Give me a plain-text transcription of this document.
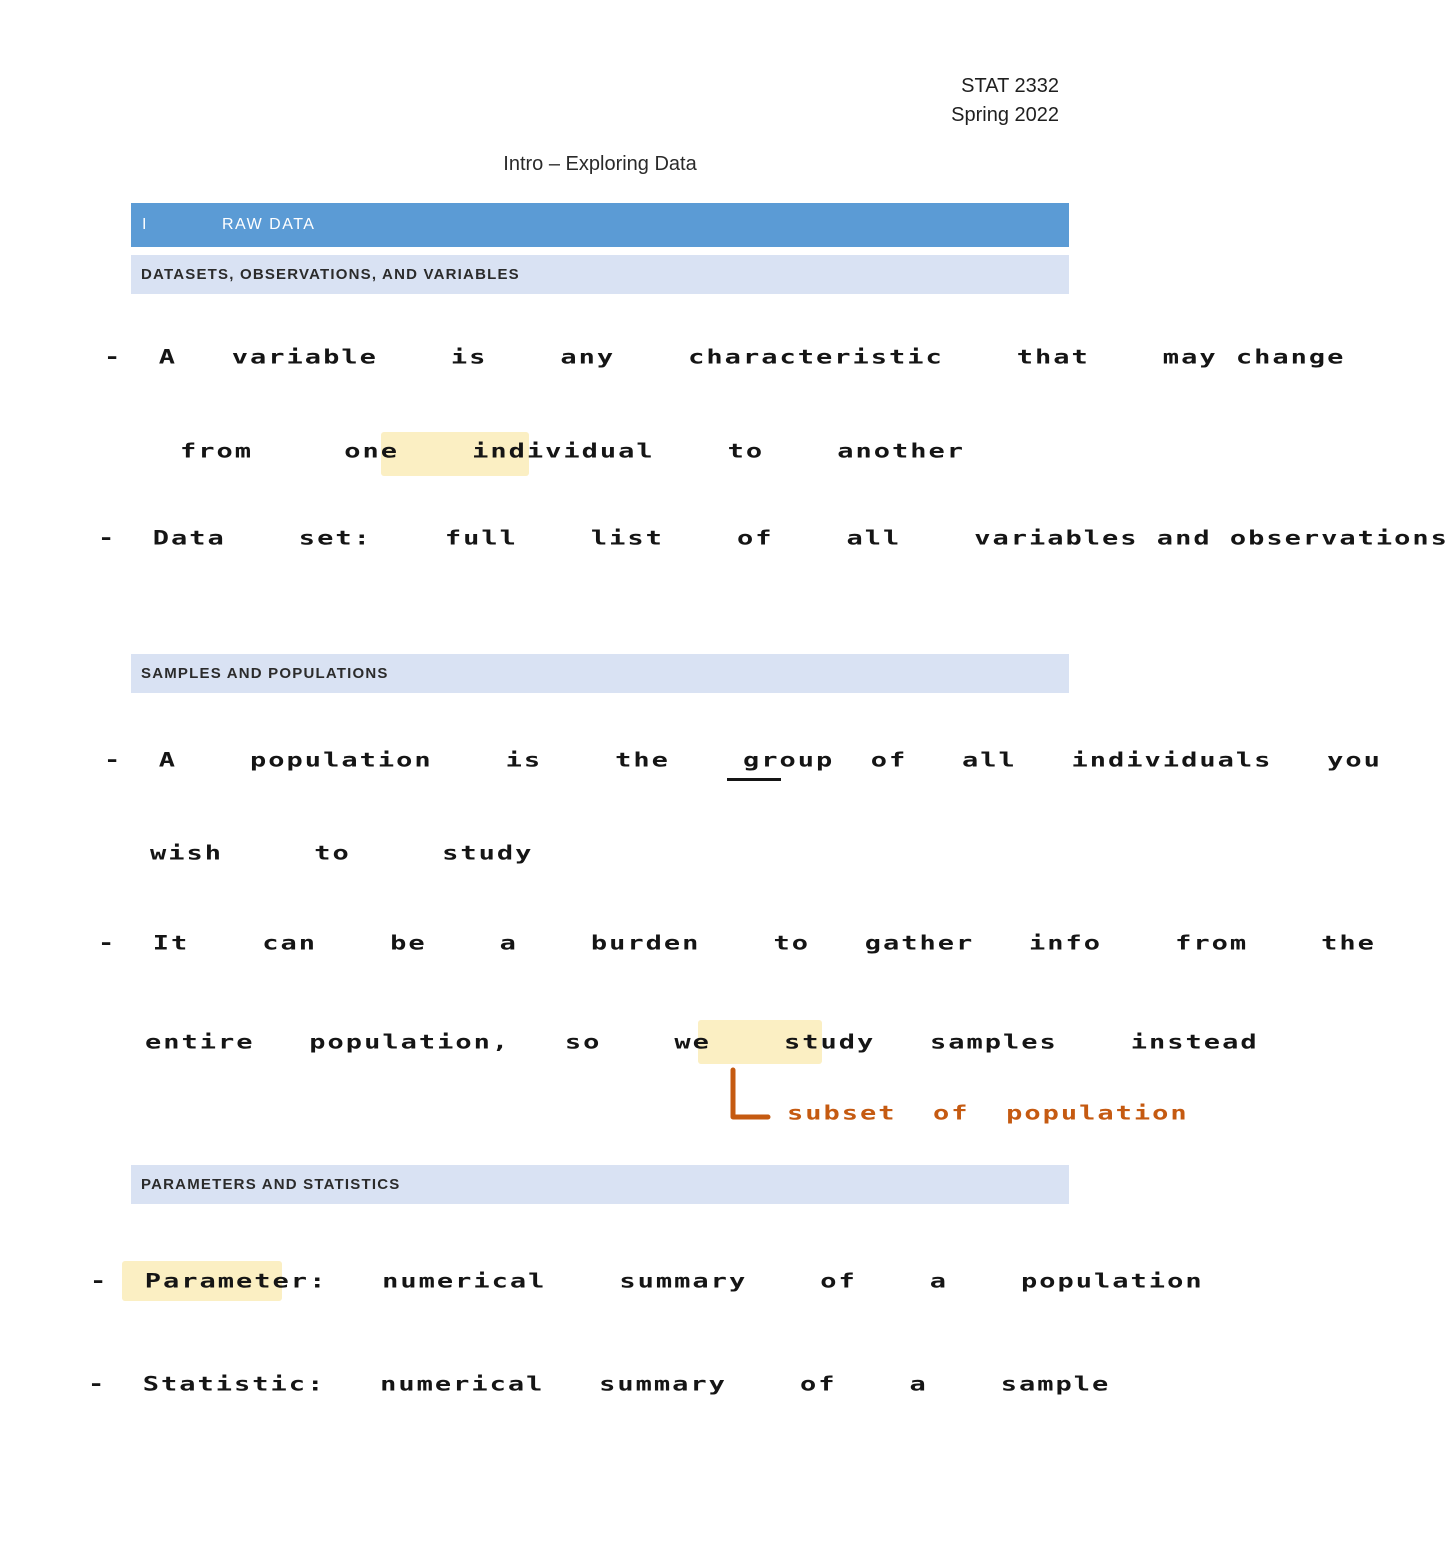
STAT 2332
Spring 2022
Intro – Exploring Data
I	RAW DATA
DATASETS, OBSERVATIONS, AND VARIABLES
SAMPLES AND POPULATIONS
PARAMETERS AND STATISTICS
-  A   variable    is    any    characteristic    that    may change
from     one    individual    to    another
-  Data    set:    full    list    of    all    variables and observations
-  A    population    is    the    group  of   all   individuals   you
wish     to     study
-  It    can    be    a    burden    to   gather   info    from    the
entire   population,   so    we    study   samples    instead
subset  of  population
-  Parameter:   numerical    summary    of    a    population
-  Statistic:   numerical   summary    of    a    sample
